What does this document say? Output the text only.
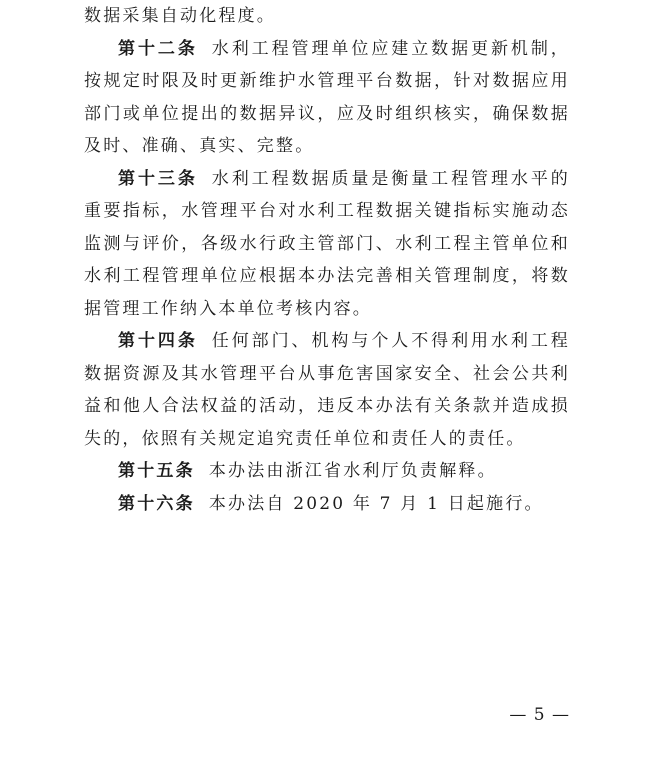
数据采集自动化程度。

第十二条 水利工程管理单位应建立数据更新机制，按规定时限及时更新维护水管理平台数据，针对数据应用部门或单位提出的数据异议，应及时组织核实，确保数据及时、准确、真实、完整。

第十三条 水利工程数据质量是衡量工程管理水平的重要指标，水管理平台对水利工程数据关键指标实施动态监测与评价，各级水行政主管部门、水利工程主管单位和水利工程管理单位应根据本办法完善相关管理制度，将数据管理工作纳入本单位考核内容。

第十四条 任何部门、机构与个人不得利用水利工程数据资源及其水管理平台从事危害国家安全、社会公共利益和他人合法权益的活动，违反本办法有关条款并造成损失的，依照有关规定追究责任单位和责任人的责任。

第十五条 本办法由浙江省水利厅负责解释。

第十六条 本办法自 2020 年 7 月 1 日起施行。

— 5 —
